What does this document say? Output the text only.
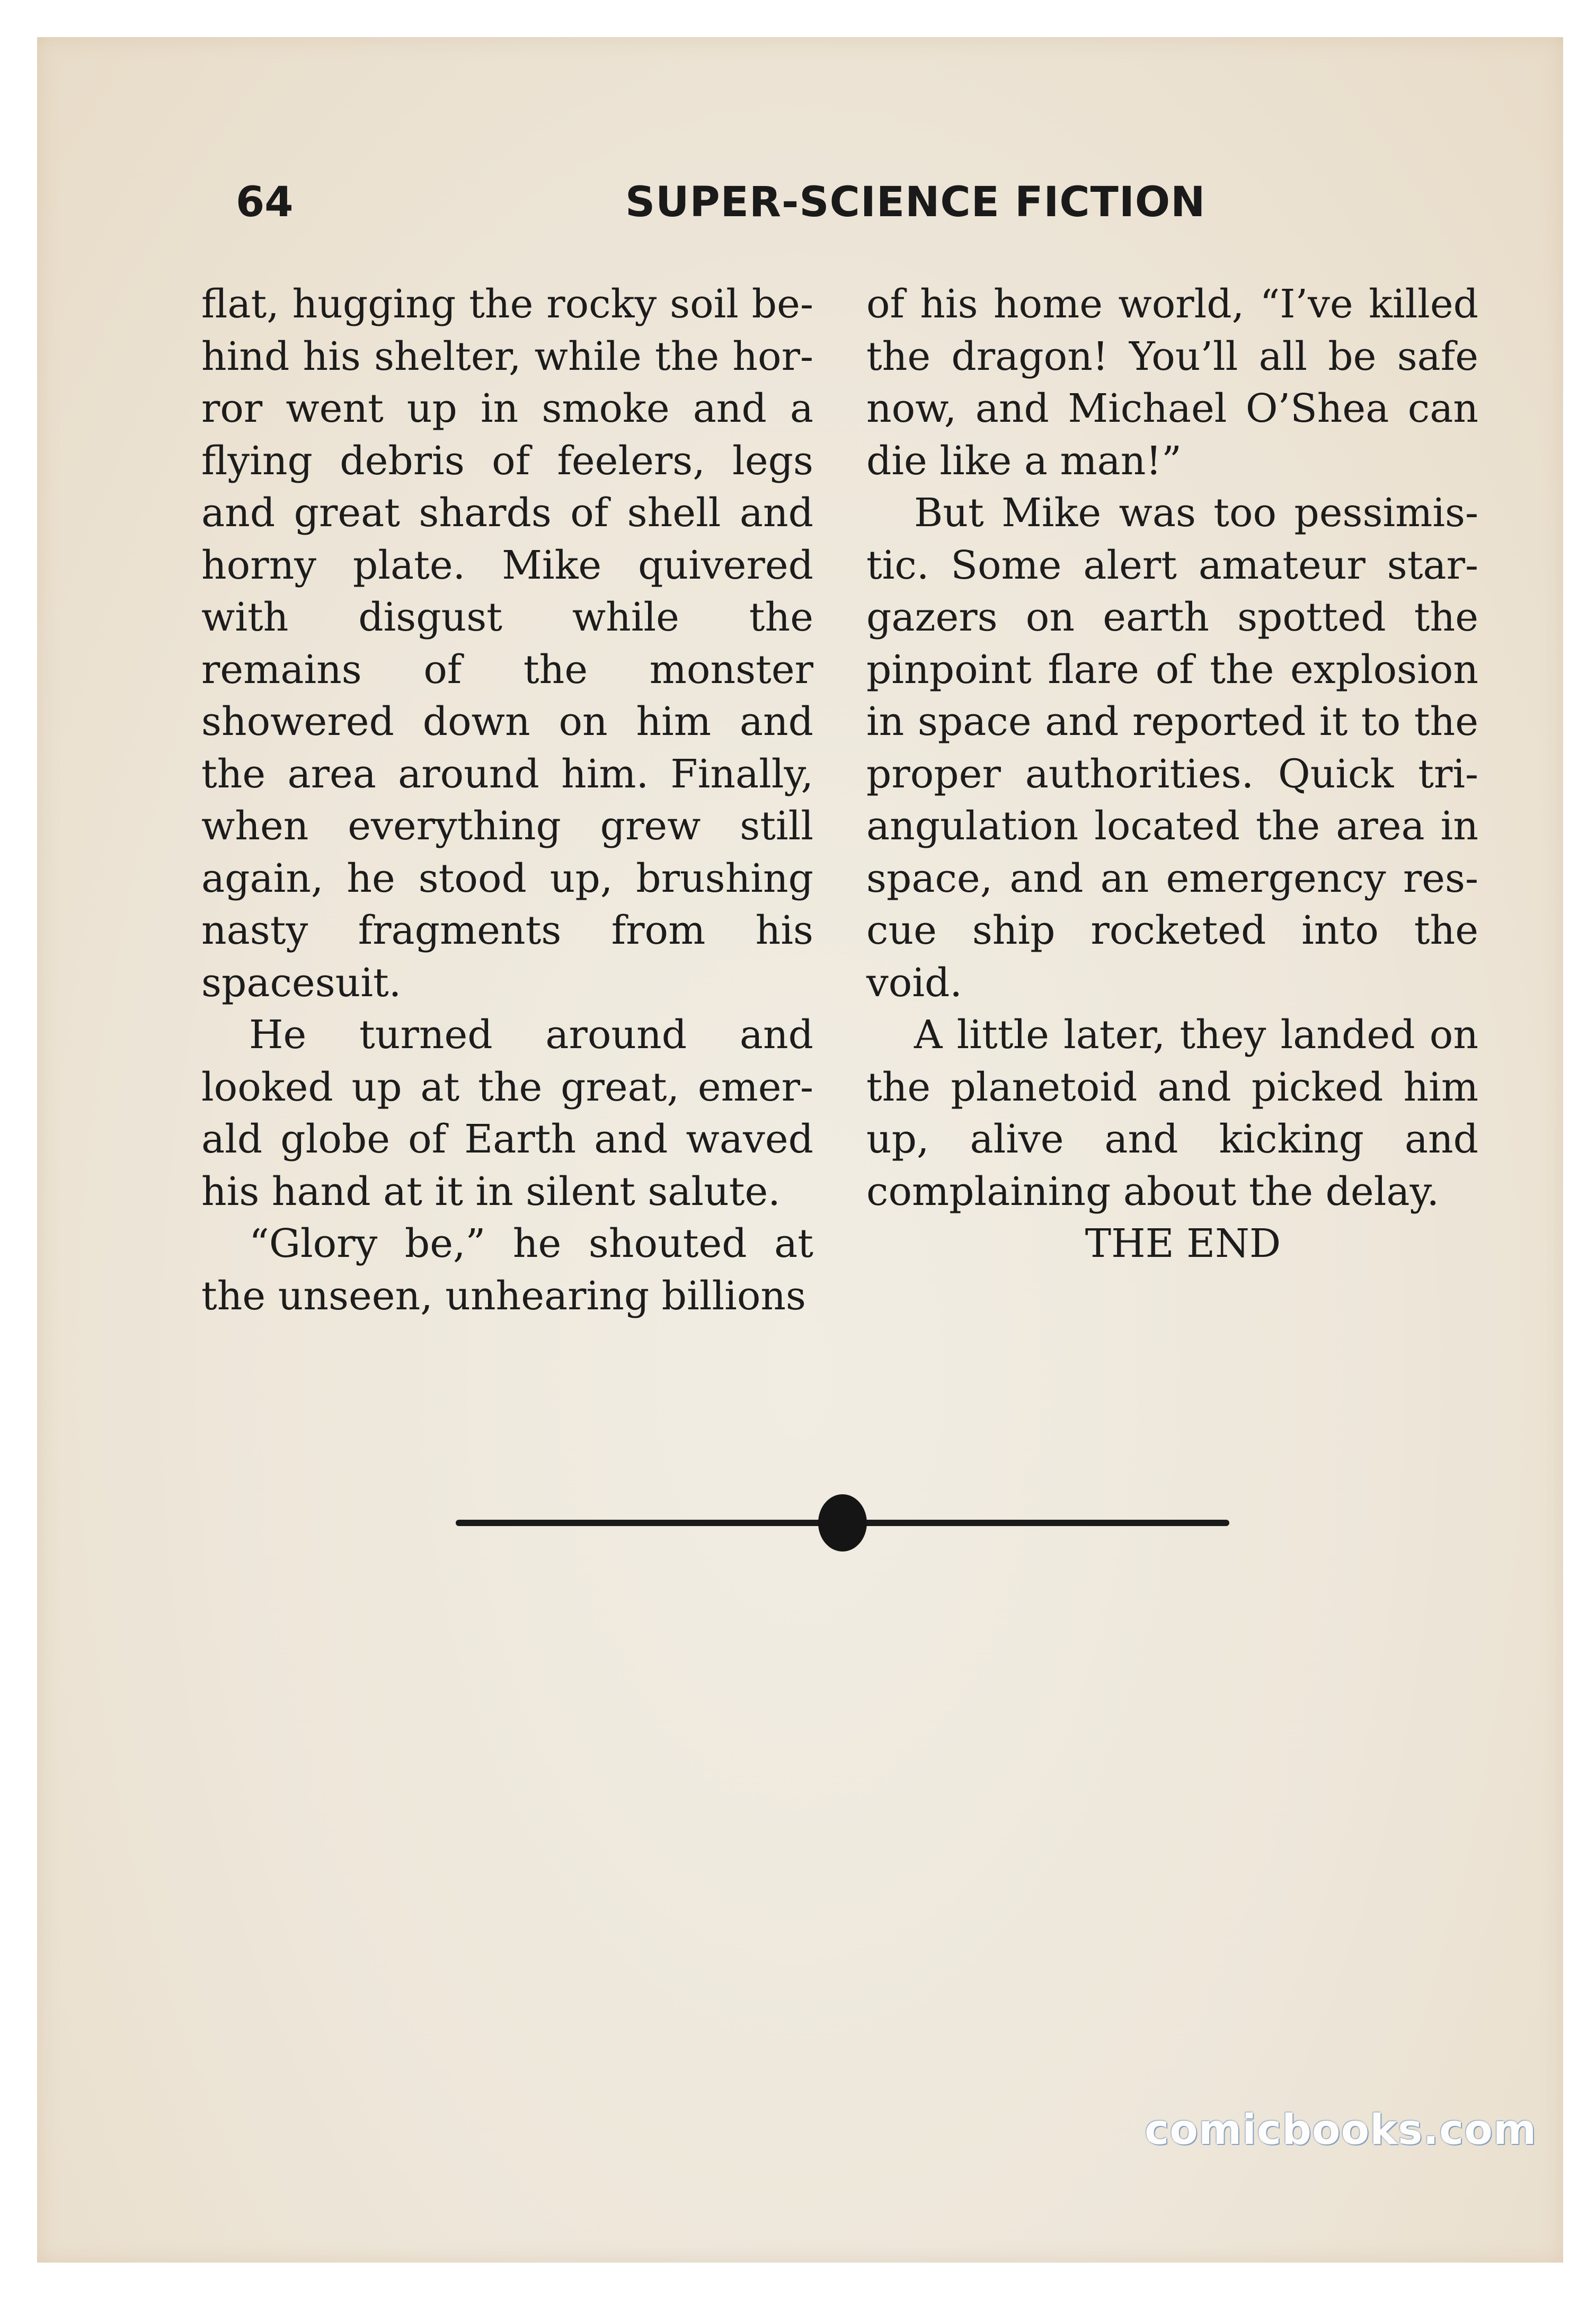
64	SUPER-SCIENCE FICTION

flat, hugging the rocky soil behind his shelter, while the horror went up in smoke and a flying debris of feelers, legs and great shards of shell and horny plate. Mike quivered with disgust while the remains of the monster showered down on him and the area around him. Finally, when everything grew still again, he stood up, brushing nasty fragments from his spacesuit.

He turned around and looked up at the great, emerald globe of Earth and waved his hand at it in silent salute.

“Glory be,” he shouted at the unseen, unhearing billions

of his home world, “I’ve killed the dragon! You’ll all be safe now, and Michael O’Shea can die like a man!”

But Mike was too pessimistic. Some alert amateur stargazers on earth spotted the pinpoint flare of the explosion in space and reported it to the proper authorities. Quick triangulation located the area in space, and an emergency rescue ship rocketed into the void.

A little later, they landed on the planetoid and picked him up, alive and kicking and complaining about the delay.

THE END

comicbooks.com
